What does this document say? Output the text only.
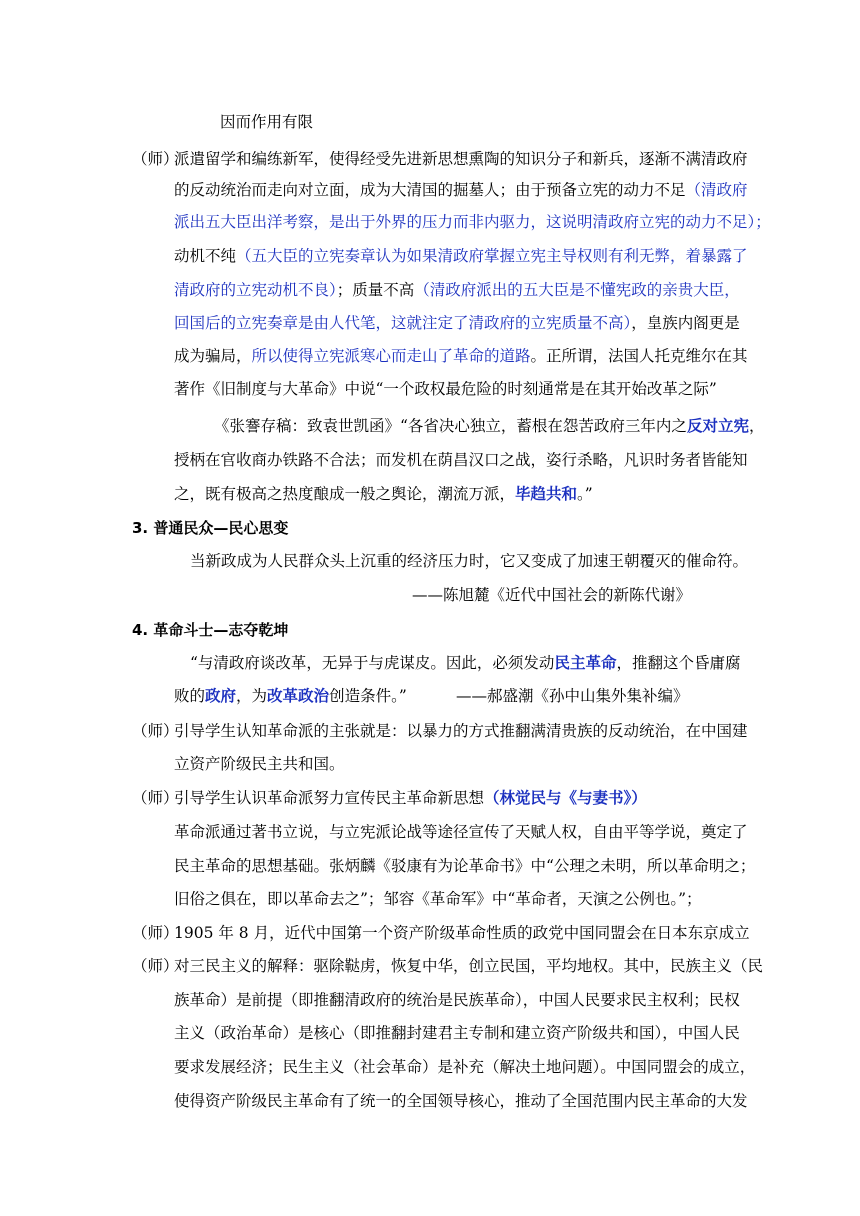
因而作用有限
（师）
派遣留学和编练新军，使得经受先进新思想熏陶的知识分子和新兵，逐渐不满清政府
的反动统治而走向对立面，成为大清国的掘墓人；由于预备立宪的动力不足（清政府
派出五大臣出洋考察，是出于外界的压力而非内驱力，这说明清政府立宪的动力不足）；
动机不纯（五大臣的立宪奏章认为如果清政府掌握立宪主导权则有利无弊，着暴露了
清政府的立宪动机不良）；质量不高（清政府派出的五大臣是不懂宪政的亲贵大臣，
回国后的立宪奏章是由人代笔，这就注定了清政府的立宪质量不高），皇族内阁更是
成为骗局，所以使得立宪派寒心而走山了革命的道路。正所谓，法国人托克维尔在其
著作《旧制度与大革命》中说“一个政权最危险的时刻通常是在其开始改革之际”
《张謇存稿：致袁世凯函》“各省决心独立，蓄根在怨苦政府三年内之反对立宪，
授柄在官收商办铁路不合法；而发机在荫昌汉口之战，姿行杀略，凡识时务者皆能知
之，既有极高之热度酿成一般之舆论，潮流万派，毕趋共和。”
3. 普通民众—民心思变
当新政成为人民群众头上沉重的经济压力时，它又变成了加速王朝覆灭的催命符。
——陈旭麓《近代中国社会的新陈代谢》
4. 革命斗士—志夺乾坤
“与清政府谈改革，无异于与虎谋皮。因此，必须发动民主革命，推翻这个昏庸腐
败的政府，为改革政治创造条件。”	——郝盛潮《孙中山集外集补编》
（师）
引导学生认知革命派的主张就是：以暴力的方式推翻满清贵族的反动统治，在中国建
立资产阶级民主共和国。
（师）
引导学生认识革命派努力宣传民主革命新思想（林觉民与《与妻书》）
革命派通过著书立说，与立宪派论战等途径宣传了天赋人权，自由平等学说，奠定了
民主革命的思想基础。张炳麟《驳康有为论革命书》中“公理之未明，所以革命明之；
旧俗之俱在，即以革命去之”；邹容《革命军》中“革命者，天演之公例也。”；
（师）
1905 年 8 月，近代中国第一个资产阶级革命性质的政党中国同盟会在日本东京成立
（师）
对三民主义的解释：驱除鞑虏，恢复中华，创立民国，平均地权。其中，民族主义（民
族革命）是前提（即推翻清政府的统治是民族革命），中国人民要求民主权利；民权
主义（政治革命）是核心（即推翻封建君主专制和建立资产阶级共和国），中国人民
要求发展经济；民生主义（社会革命）是补充（解决土地问题）。中国同盟会的成立，
使得资产阶级民主革命有了统一的全国领导核心，推动了全国范围内民主革命的大发
